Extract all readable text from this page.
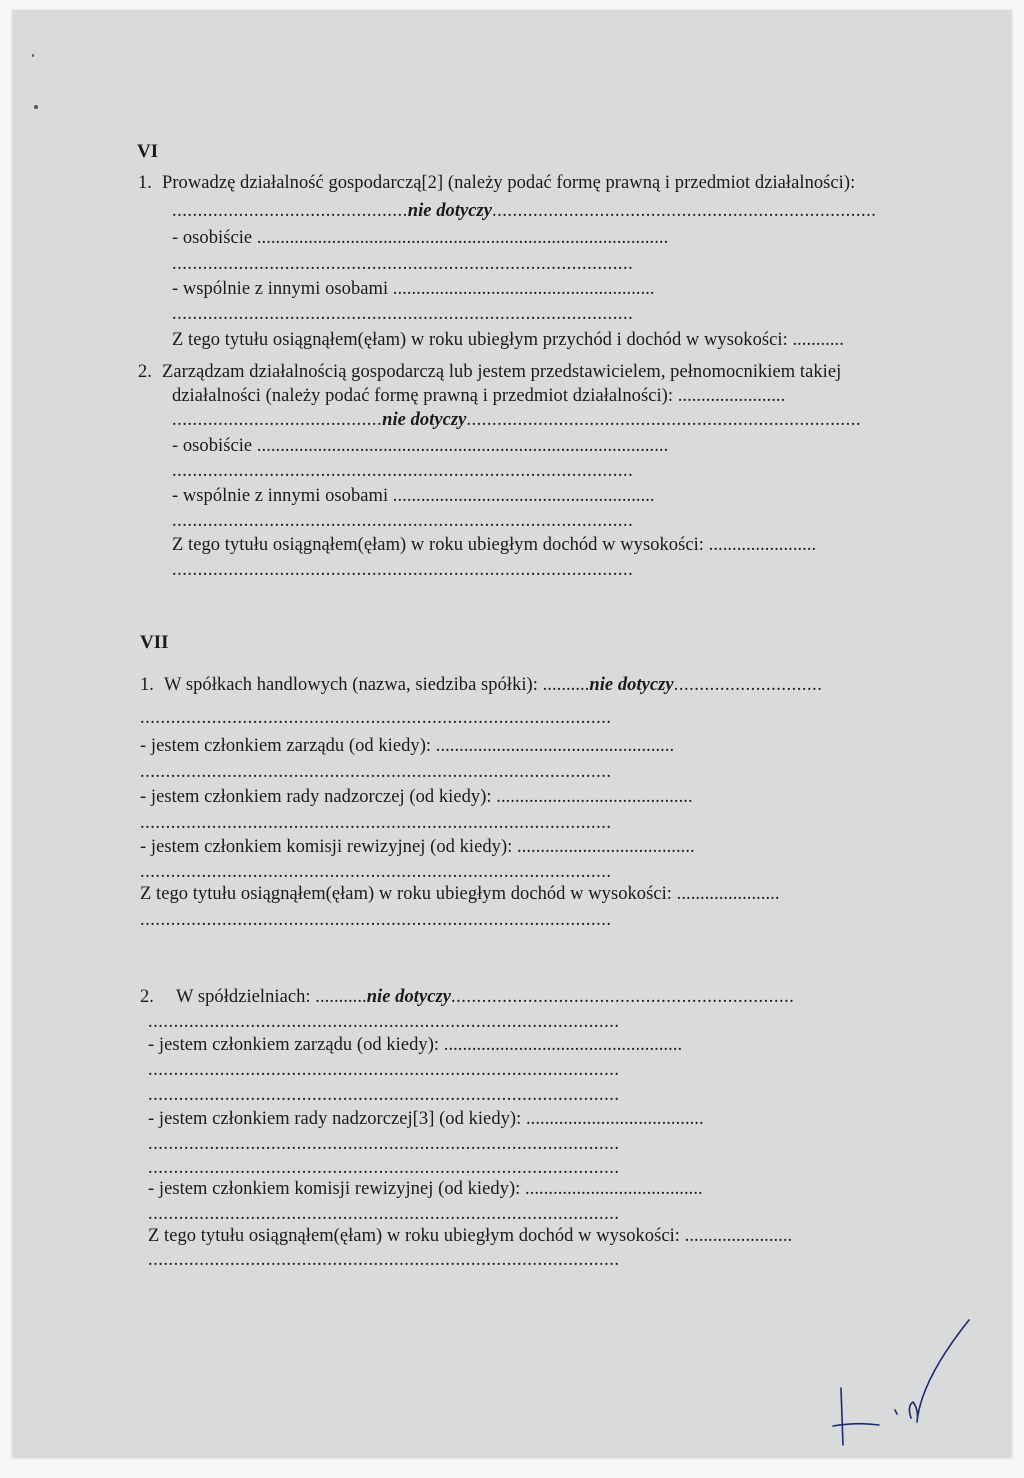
VI
1. Prowadzę działalność gospodarczą[2] (należy podać formę prawną i przedmiot działalności):
..............................................nie dotyczy...........................................................................
- osobiście ........................................................................................
..........................................................................................
- wspólnie z innymi osobami ........................................................
..........................................................................................
Z tego tytułu osiągnąłem(ęłam) w roku ubiegłym przychód i dochód w wysokości: ...........
2. Zarządzam działalnością gospodarczą lub jestem przedstawicielem, pełnomocnikiem takiej
działalności (należy podać formę prawną i przedmiot działalności): .......................
.........................................nie dotyczy.............................................................................
- osobiście ........................................................................................
..........................................................................................
- wspólnie z innymi osobami ........................................................
..........................................................................................
Z tego tytułu osiągnąłem(ęłam) w roku ubiegłym dochód w wysokości: .......................
..........................................................................................
VII
1. W spółkach handlowych (nazwa, siedziba spółki): ..........nie dotyczy.............................
............................................................................................
- jestem członkiem zarządu (od kiedy): ...................................................
............................................................................................
- jestem członkiem rady nadzorczej (od kiedy): ..........................................
............................................................................................
- jestem członkiem komisji rewizyjnej (od kiedy): ......................................
............................................................................................
Z tego tytułu osiągnąłem(ęłam) w roku ubiegłym dochód w wysokości: ......................
............................................................................................
2. W spółdzielniach: ...........nie dotyczy...................................................................
............................................................................................
- jestem członkiem zarządu (od kiedy): ...................................................
............................................................................................
............................................................................................
- jestem członkiem rady nadzorczej[3] (od kiedy): ......................................
............................................................................................
............................................................................................
- jestem członkiem komisji rewizyjnej (od kiedy): ......................................
............................................................................................
Z tego tytułu osiągnąłem(ęłam) w roku ubiegłym dochód w wysokości: .......................
............................................................................................
